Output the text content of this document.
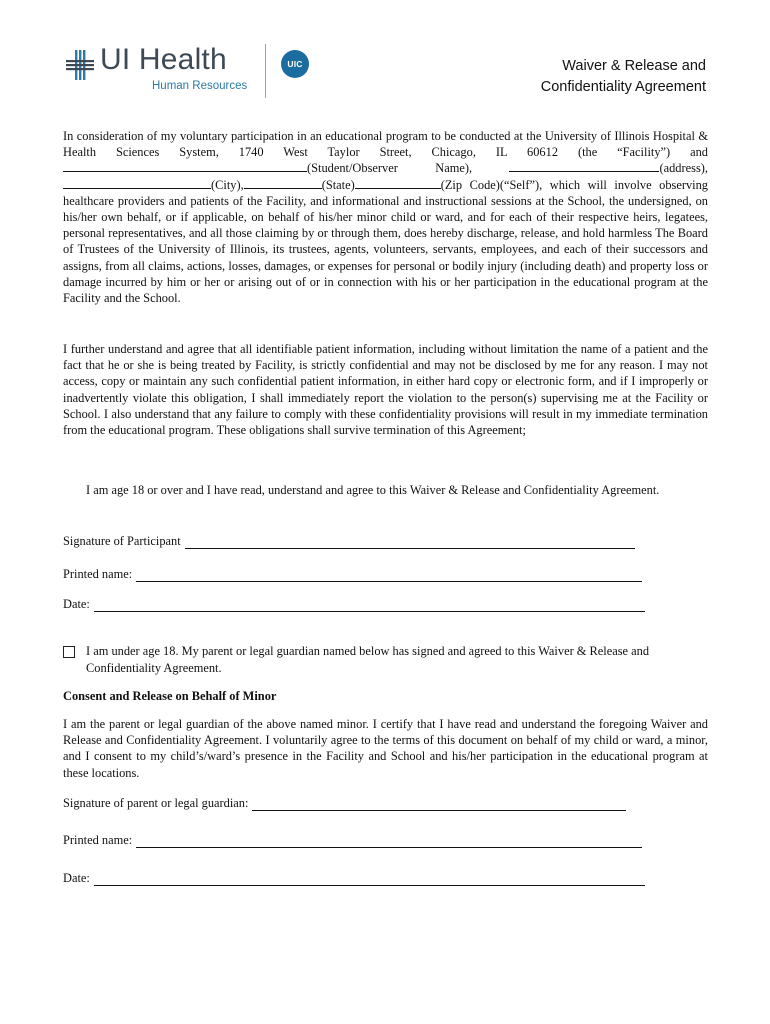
UI Health
Human Resources
UIC	Waiver & Release and
Confidentiality Agreement
In consideration of my voluntary participation in an educational program to be conducted at the University of Illinois Hospital & Health Sciences System, 1740 West Taylor Street, Chicago, IL 60612 (the “Facility”) and (Student/Observer Name),	(address), (City),	(State)	(Zip Code)(“Self”), which will involve observing healthcare providers and patients of the Facility, and informational and instructional sessions at the School, the undersigned, on his/her own behalf, or if applicable, on behalf of his/her minor child or ward, and for each of their respective heirs, legatees, personal representatives, and all those claiming by or through them, does hereby discharge, release, and hold harmless The Board of Trustees of the University of Illinois, its trustees, agents, volunteers, servants, employees, and each of their successors and assigns, from all claims, actions, losses, damages, or expenses for personal or bodily injury (including death) and property loss or damage incurred by him or her or arising out of or in connection with his or her participation in the educational program at the Facility and the School.
I further understand and agree that all identifiable patient information, including without limitation the name of a patient and the fact that he or she is being treated by Facility, is strictly confidential and may not be disclosed by me for any reason. I may not access, copy or maintain any such confidential patient information, in either hard copy or electronic form, and if I improperly or inadvertently violate this obligation, I shall immediately report the violation to the person(s) supervising me at the Facility or School. I also understand that any failure to comply with these confidentiality provisions will result in my immediate termination from the educational program. These obligations shall survive termination of this Agreement;
I am age 18 or over and I have read, understand and agree to this Waiver & Release and Confidentiality Agreement.
Signature of Participant
Printed name:
Date:
I am under age 18. My parent or legal guardian named below has signed and agreed to this Waiver & Release and Confidentiality Agreement.
Consent and Release on Behalf of Minor
I am the parent or legal guardian of the above named minor. I certify that I have read and understand the foregoing Waiver and Release and Confidentiality Agreement. I voluntarily agree to the terms of this document on behalf of my child or ward, a minor, and I consent to my child’s/ward’s presence in the Facility and School and his/her participation in the educational program at these locations.
Signature of parent or legal guardian:
Printed name:
Date:
